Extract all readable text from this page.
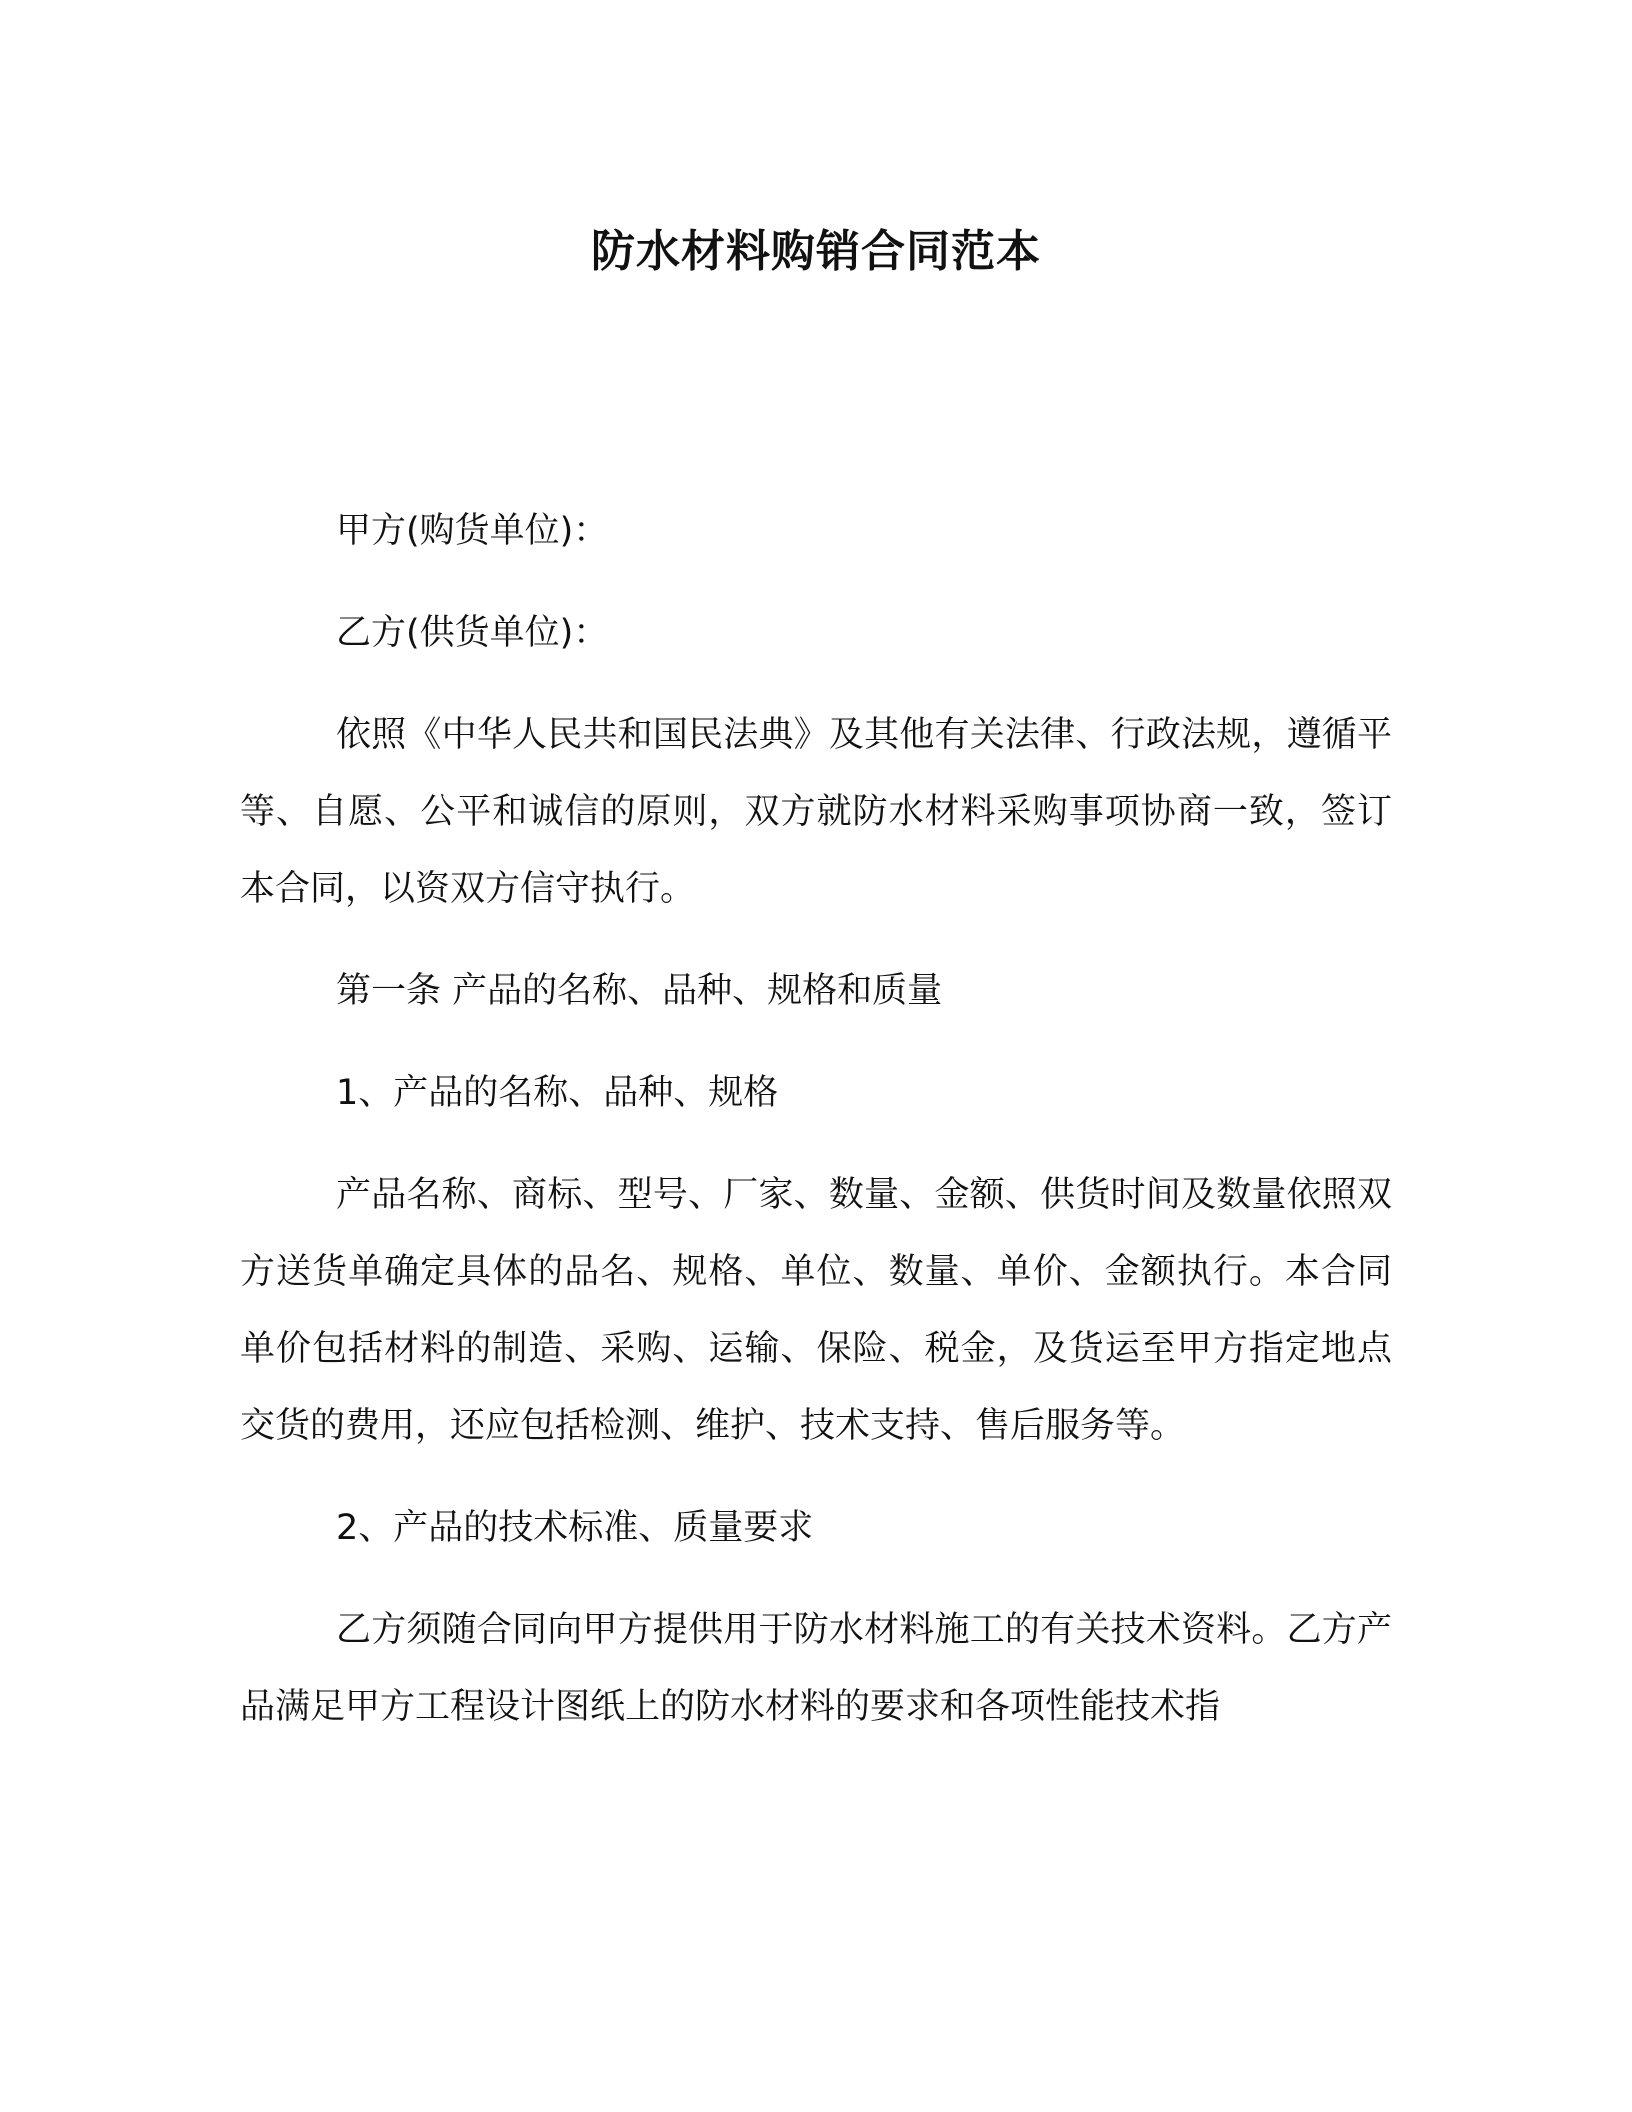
防水材料购销合同范本

甲方(购货单位)：

乙方(供货单位)：

依照《中华人民共和国民法典》及其他有关法律、行政法规，遵循平等、自愿、公平和诚信的原则，双方就防水材料采购事项协商一致，签订本合同，以资双方信守执行。

第一条 产品的名称、品种、规格和质量

1、产品的名称、品种、规格

产品名称、商标、型号、厂家、数量、金额、供货时间及数量依照双方送货单确定具体的品名、规格、单位、数量、单价、金额执行。本合同单价包括材料的制造、采购、运输、保险、税金，及货运至甲方指定地点交货的费用，还应包括检测、维护、技术支持、售后服务等。

2、产品的技术标准、质量要求

乙方须随合同向甲方提供用于防水材料施工的有关技术资料。乙方产品满足甲方工程设计图纸上的防水材料的要求和各项性能技术指
